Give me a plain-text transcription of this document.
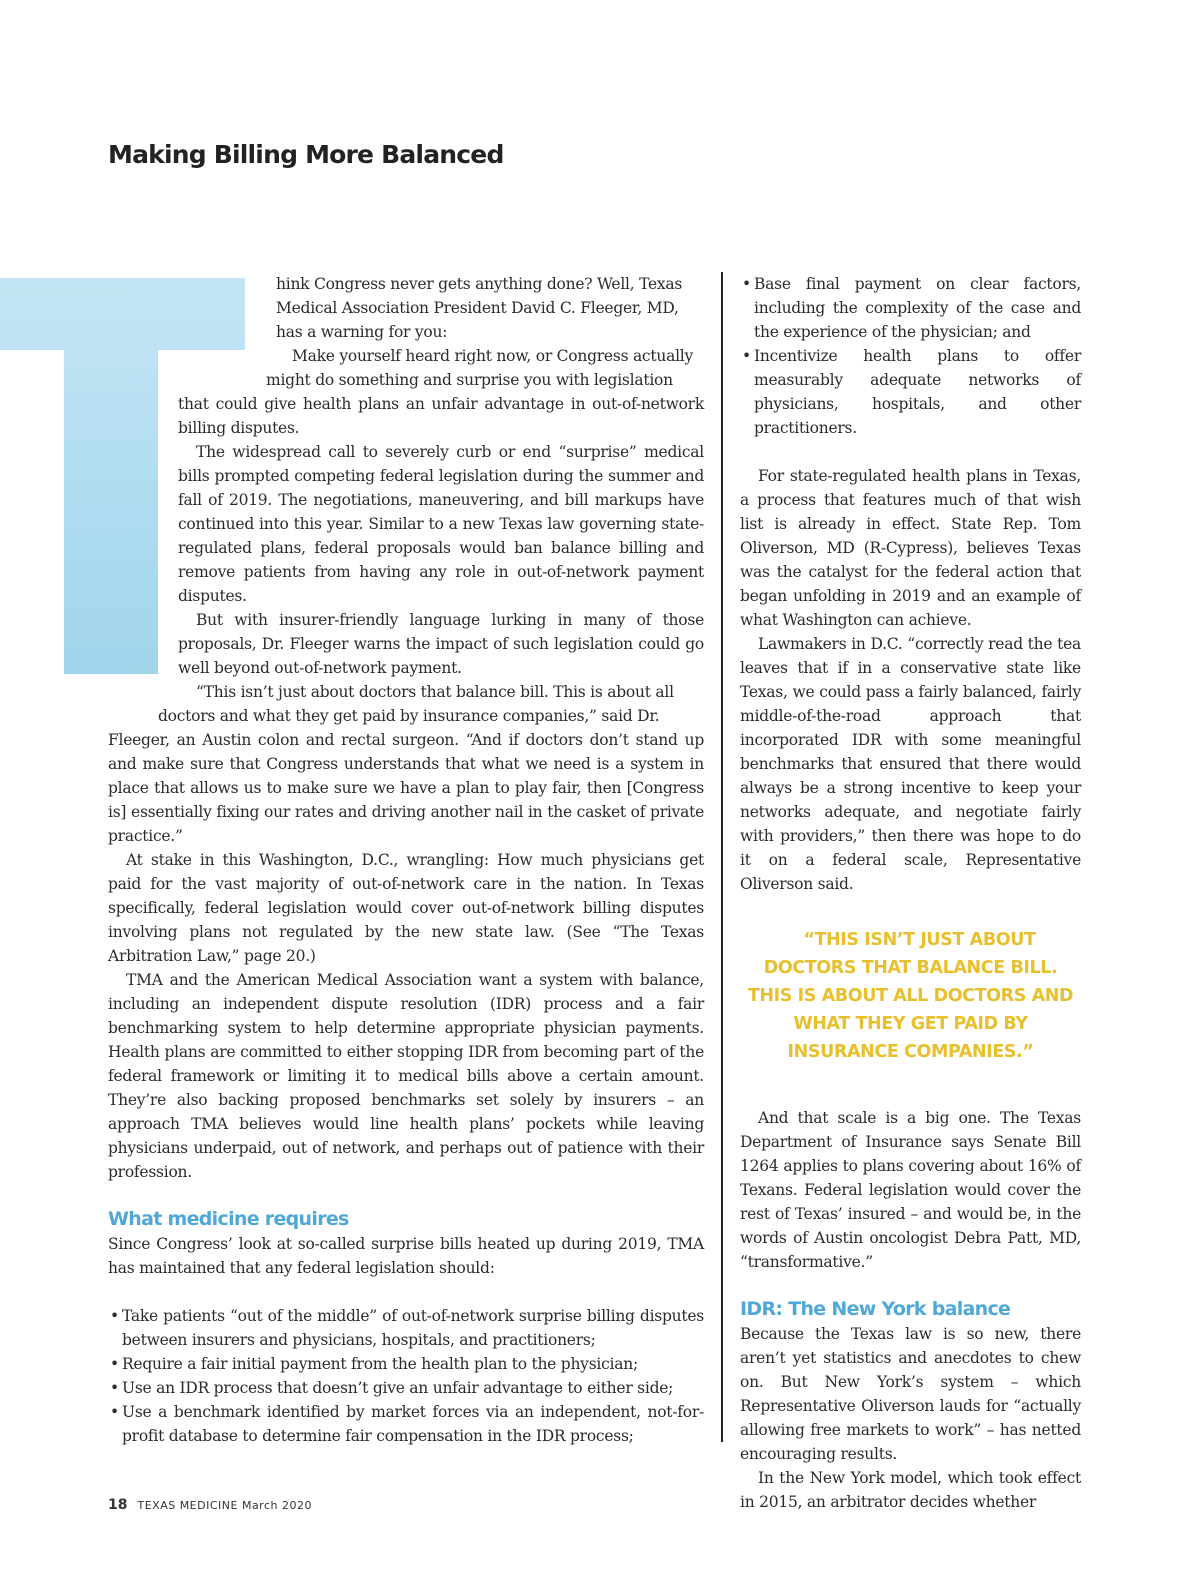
Making Billing More Balanced

hink Congress never gets anything done? Well, Texas

Medical Association President David C. Fleeger, MD,

has a warning for you:

Make yourself heard right now, or Congress actually

might do something and surprise you with legislation

that could give health plans an unfair advantage in out-of-network billing disputes.

The widespread call to severely curb or end “surprise” medical bills prompted competing federal legislation during the summer and fall of 2019. The negotiations, maneuvering, and bill markups have continued into this year. Similar to a new Texas law governing state-regulated plans, federal proposals would ban balance billing and remove patients from having any role in out-of-network payment disputes.

But with insurer-friendly language lurking in many of those proposals, Dr. Fleeger warns the impact of such legislation could go well beyond out-of-network payment.

“This isn’t just about doctors that balance bill. This is about all

doctors and what they get paid by insurance companies,” said Dr.

Fleeger, an Austin colon and rectal surgeon. “And if doctors don’t stand up and make sure that Congress understands that what we need is a system in place that allows us to make sure we have a plan to play fair, then [Congress is] essentially fixing our rates and driving another nail in the casket of private practice.”

At stake in this Washington, D.C., wrangling: How much physicians get paid for the vast majority of out-of-network care in the nation. In Texas specifically, federal legislation would cover out-of-network billing disputes involving plans not regulated by the new state law. (See “The Texas Arbitration Law,” page 20.)

TMA and the American Medical Association want a system with balance, including an independent dispute resolution (IDR) process and a fair benchmarking system to help determine appropriate physician payments. Health plans are committed to either stopping IDR from becoming part of the federal framework or limiting it to medical bills above a certain amount. They’re also backing proposed benchmarks set solely by insurers – an approach TMA believes would line health plans’ pockets while leaving physicians underpaid, out of network, and perhaps out of patience with their profession.

What medicine requires

Since Congress’ look at so-called surprise bills heated up during 2019, TMA has maintained that any federal legislation should:

• Take patients “out of the middle” of out-of-network surprise billing disputes between insurers and physicians, hospitals, and practitioners;
• Require a fair initial payment from the health plan to the physician;
• Use an IDR process that doesn’t give an unfair advantage to either side;
• Use a benchmark identified by market forces via an independent, not-for-profit database to determine fair compensation in the IDR process;
• Base final payment on clear factors, including the complexity of the case and the experience of the physician; and
• Incentivize health plans to offer measurably adequate networks of physicians, hospitals, and other practitioners.

For state-regulated health plans in Texas, a process that features much of that wish list is already in effect. State Rep. Tom Oliverson, MD (R-Cypress), believes Texas was the catalyst for the federal action that began unfolding in 2019 and an example of what Washington can achieve.

Lawmakers in D.C. “correctly read the tea leaves that if in a conservative state like Texas, we could pass a fairly balanced, fairly middle-of-the-road approach that incorporated IDR with some meaningful benchmarks that ensured that there would always be a strong incentive to keep your networks adequate, and negotiate fairly with providers,” then there was hope to do it on a federal scale, Representative Oliverson said.

“THIS ISN’T JUST ABOUT DOCTORS THAT BALANCE BILL. THIS IS ABOUT ALL DOCTORS AND WHAT THEY GET PAID BY INSURANCE COMPANIES.”

And that scale is a big one. The Texas Department of Insurance says Senate Bill 1264 applies to plans covering about 16% of Texans. Federal legislation would cover the rest of Texas’ insured – and would be, in the words of Austin oncologist Debra Patt, MD, “transformative.”

IDR: The New York balance

Because the Texas law is so new, there aren’t yet statistics and anecdotes to chew on. But New York’s system – which Representative Oliverson lauds for “actually allowing free markets to work” – has netted encouraging results.

In the New York model, which took effect in 2015, an arbitrator decides whether

18 TEXAS MEDICINE March 2020
